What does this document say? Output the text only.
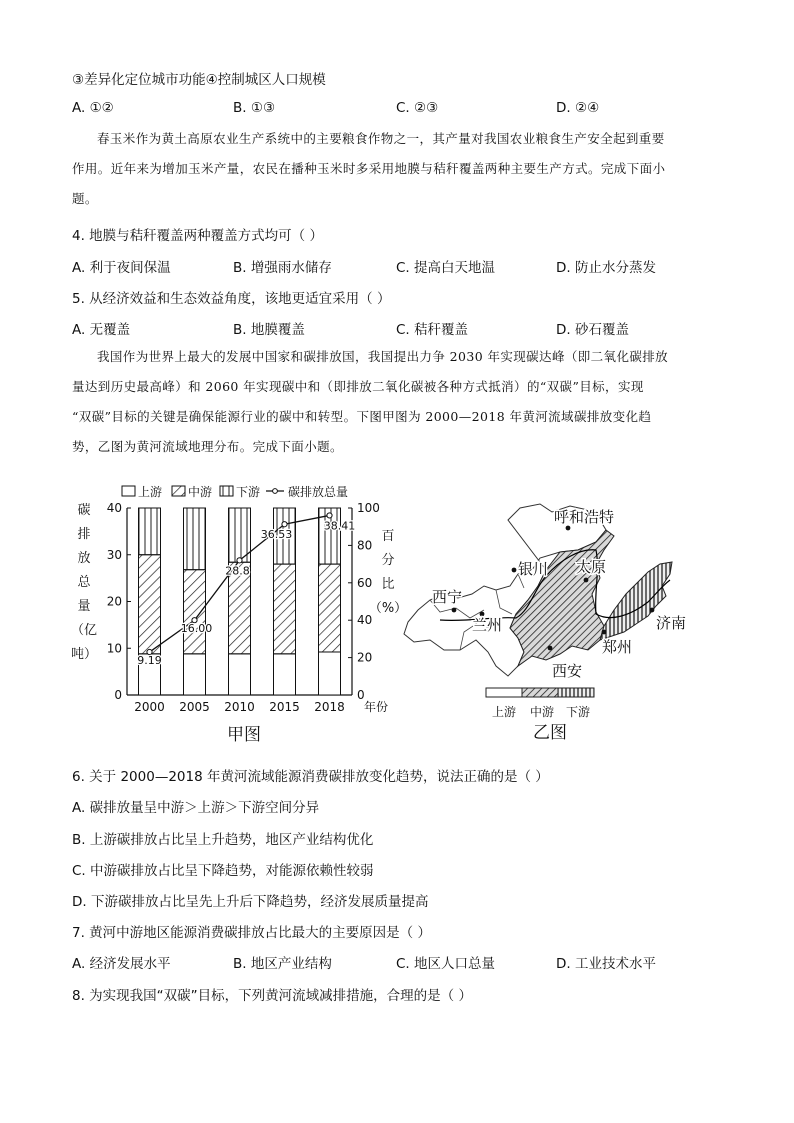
③差异化定位城市功能④控制城区人口规模
A. ①②	B. ①③	C. ②③	D. ②④

春玉米作为黄土高原农业生产系统中的主要粮食作物之一，其产量对我国农业粮食生产安全起到重要

作用。近年来为增加玉米产量，农民在播种玉米时多采用地膜与秸秆覆盖两种主要生产方式。完成下面小

题。

4. 地膜与秸秆覆盖两种覆盖方式均可（ ）
A. 利于夜间保温	B. 增强雨水储存	C. 提高白天地温	D. 防止水分蒸发
5. 从经济效益和生态效益角度，该地更适宜采用（ ）
A. 无覆盖	B. 地膜覆盖	C. 秸秆覆盖	D. 砂石覆盖

我国作为世界上最大的发展中国家和碳排放国，我国提出力争 2030 年实现碳达峰（即二氧化碳排放

量达到历史最高峰）和 2060 年实现碳中和（即排放二氧化碳被各种方式抵消）的“双碳”目标，实现

“双碳”目标的关键是确保能源行业的碳中和转型。下图甲图为 2000—2018 年黄河流域碳排放变化趋

势，乙图为黄河流域地理分布。完成下面小题。

上游 中游 下游 碳排放总量
0
10
20
30
40
0
20
40
60
80
100
碳
排
放
总
量
（亿
吨）
百
分
比
（%）
2000 2005 2010 2015 2018 年份
9.19
16.00
28.8
36.53
38.41
甲图
呼和浩特
银川 太原
西宁
兰州	济南
郑州
西安
上游 中游 下游
乙图
6. 关于 2000—2018 年黄河流域能源消费碳排放变化趋势，说法正确的是（ ）
A. 碳排放量呈中游＞上游＞下游空间分异
B. 上游碳排放占比呈上升趋势，地区产业结构优化
C. 中游碳排放占比呈下降趋势，对能源依赖性较弱
D. 下游碳排放占比呈先上升后下降趋势，经济发展质量提高
7. 黄河中游地区能源消费碳排放占比最大的主要原因是（ ）
A. 经济发展水平	B. 地区产业结构	C. 地区人口总量	D. 工业技术水平
8. 为实现我国“双碳”目标，下列黄河流域减排措施，合理的是（ ）
